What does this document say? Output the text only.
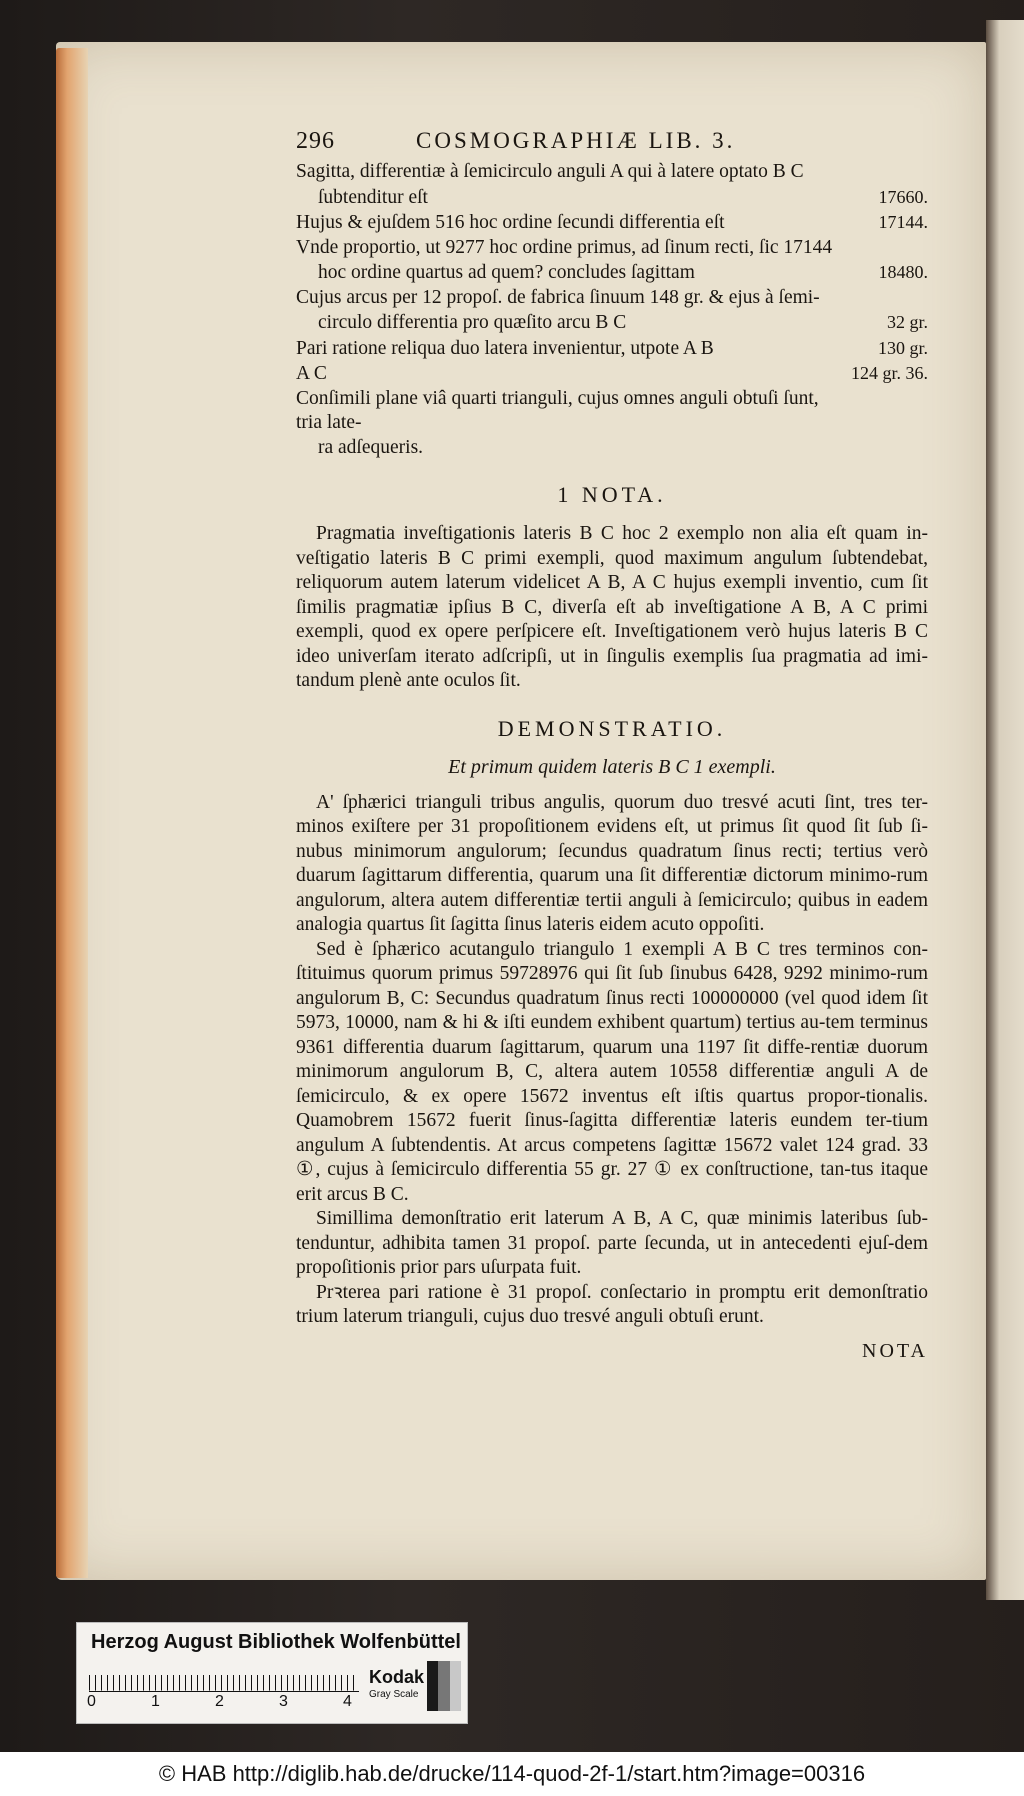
296	COSMOGRAPHIÆ LIB. 3.
Sagitta, differentiæ à ſemicirculo anguli A qui à latere optato B C
ſubtenditur eſt	17660.
Hujus & ejuſdem 516 hoc ordine ſecundi differentia eſt	17144.
Vnde proportio, ut 9277 hoc ordine primus, ad ſinum recti, ſic 17144
hoc ordine quartus ad quem? concludes ſagittam	18480.
Cujus arcus per 12 propoſ. de fabrica ſinuum 148 gr. & ejus à ſemi-
circulo differentia pro quæſito arcu B C	32 gr.
Pari ratione reliqua duo latera invenientur, utpote A B	130 gr.
A C	124 gr. 36.
Conſimili plane viâ quarti trianguli, cujus omnes anguli obtuſi ſunt, tria late-
ra adſequeris.
1 NOTA.
Pragmatia inveſtigationis lateris B C hoc 2 exemplo non alia eſt quam in-veſtigatio lateris B C primi exempli, quod maximum angulum ſubtendebat, reliquorum autem laterum videlicet A B, A C hujus exempli inventio, cum ſit ſimilis pragmatiæ ipſius B C, diverſa eſt ab inveſtigatione A B, A C primi exempli, quod ex opere perſpicere eſt. Inveſtigationem verò hujus lateris B C ideo univerſam iterato adſcripſi, ut in ſingulis exemplis ſua pragmatia ad imi-tandum plenè ante oculos ſit.
DEMONSTRATIO.
Et primum quidem lateris B C 1 exempli.
A' ſphærici trianguli tribus angulis, quorum duo tresvé acuti ſint, tres ter-minos exiſtere per 31 propoſitionem evidens eſt, ut primus ſit quod ſit ſub ſi-nubus minimorum angulorum; ſecundus quadratum ſinus recti; tertius verò duarum ſagittarum differentia, quarum una ſit differentiæ dictorum minimo-rum angulorum, altera autem differentiæ tertii anguli à ſemicirculo; quibus in eadem analogia quartus ſit ſagitta ſinus lateris eidem acuto oppoſiti.
Sed è ſphærico acutangulo triangulo 1 exempli A B C tres terminos con-ſtituimus quorum primus 59728976 qui ſit ſub ſinubus 6428, 9292 minimo-rum angulorum B, C: Secundus quadratum ſinus recti 100000000 (vel quod idem ſit 5973, 10000, nam & hi & iſti eundem exhibent quartum) tertius au-tem terminus 9361 differentia duarum ſagittarum, quarum una 1197 ſit diffe-rentiæ duorum minimorum angulorum B, C, altera autem 10558 differentiæ anguli A de ſemicirculo, & ex opere 15672 inventus eſt iſtis quartus propor-tionalis. Quamobrem 15672 fuerit ſinus-ſagitta differentiæ lateris eundem ter-tium angulum A ſubtendentis. At arcus competens ſagittæ 15672 valet 124 grad. 33 ①, cujus à ſemicirculo differentia 55 gr. 27 ① ex conſtructione, tan-tus itaque erit arcus B C.
Simillima demonſtratio erit laterum A B, A C, quæ minimis lateribus ſub-tenduntur, adhibita tamen 31 propoſ. parte ſecunda, ut in antecedenti ejuſ-dem propoſitionis prior pars uſurpata fuit.
Prꝛterea pari ratione è 31 propoſ. conſectario in promptu erit demonſtratio trium laterum trianguli, cujus duo tresvé anguli obtuſi erunt.
NOTA
Herzog August Bibliothek Wolfenbüttel
0	1	2	3	4
Kodak
Gray Scale
© HAB http://diglib.hab.de/drucke/114-quod-2f-1/start.htm?image=00316
